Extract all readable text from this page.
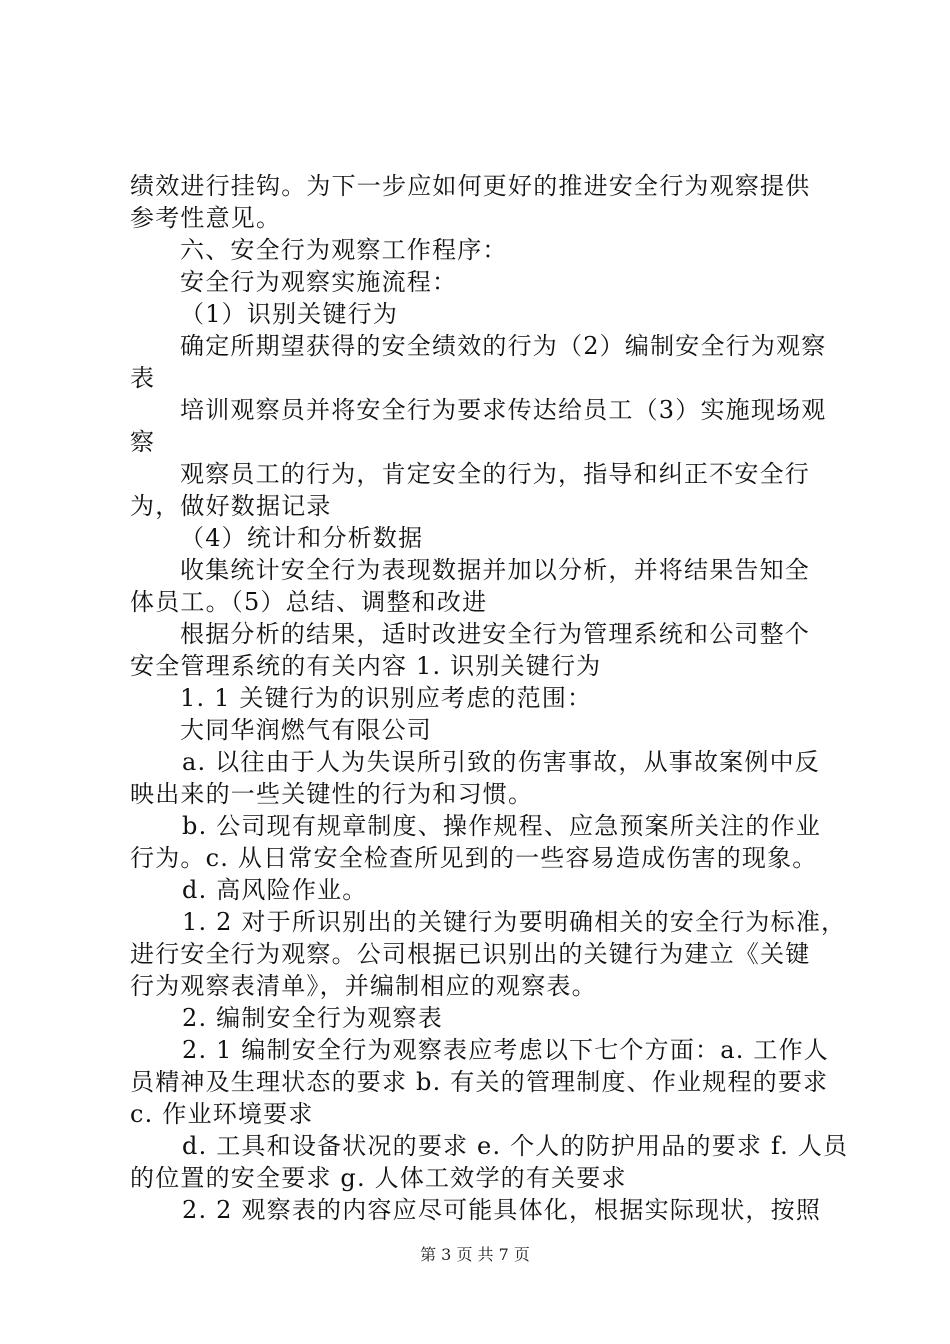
绩效进行挂钩。为下一步应如何更好的推进安全行为观察提供
参考性意见。
六、安全行为观察工作程序：
安全行为观察实施流程：
（1）识别关键行为
确定所期望获得的安全绩效的行为（2）编制安全行为观察
表
培训观察员并将安全行为要求传达给员工（3）实施现场观
察
观察员工的行为，肯定安全的行为，指导和纠正不安全行
为，做好数据记录
（4）统计和分析数据
收集统计安全行为表现数据并加以分析，并将结果告知全
体员工。（5）总结、调整和改进
根据分析的结果，适时改进安全行为管理系统和公司整个
安全管理系统的有关内容 1. 识别关键行为
1. 1 关键行为的识别应考虑的范围：
大同华润燃气有限公司
a. 以往由于人为失误所引致的伤害事故，从事故案例中反
映出来的一些关键性的行为和习惯。
b. 公司现有规章制度、操作规程、应急预案所关注的作业
行为。c. 从日常安全检查所见到的一些容易造成伤害的现象。
d. 高风险作业。
1. 2 对于所识别出的关键行为要明确相关的安全行为标准，
进行安全行为观察。公司根据已识别出的关键行为建立《关键
行为观察表清单》，并编制相应的观察表。
2. 编制安全行为观察表
2. 1 编制安全行为观察表应考虑以下七个方面：a. 工作人
员精神及生理状态的要求 b. 有关的管理制度、作业规程的要求
c. 作业环境要求
d. 工具和设备状况的要求 e. 个人的防护用品的要求 f. 人员
的位置的安全要求 g. 人体工效学的有关要求
2. 2 观察表的内容应尽可能具体化，根据实际现状，按照
第 3 页 共 7 页
